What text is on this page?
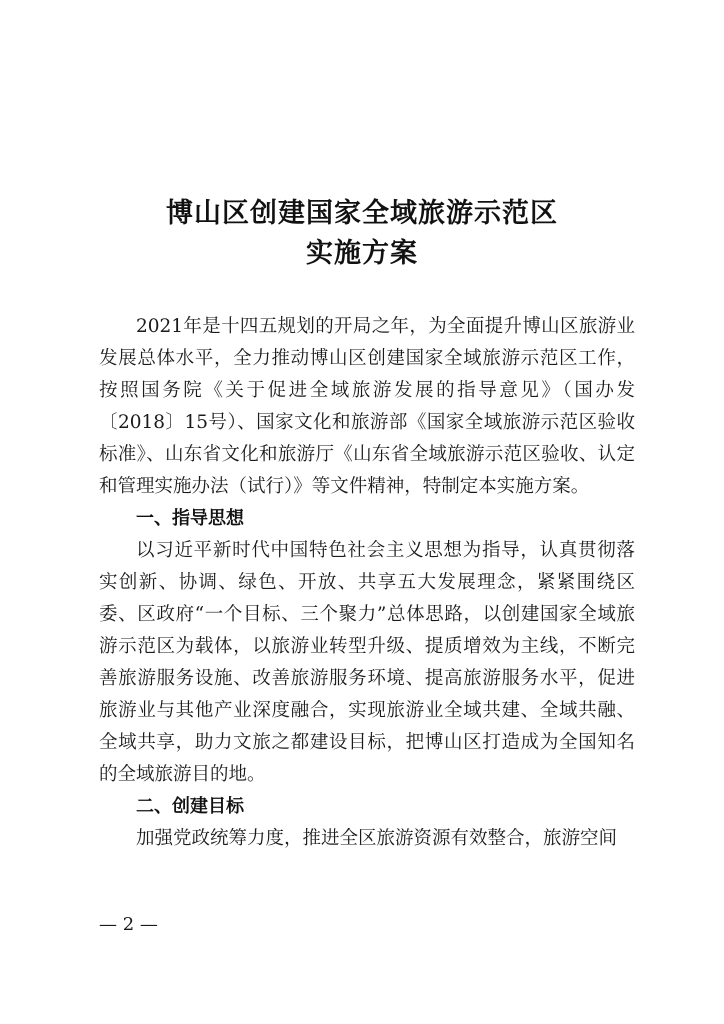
博山区创建国家全域旅游示范区
实施方案

2021年是十四五规划的开局之年，为全面提升博山区旅游业发展总体水平，全力推动博山区创建国家全域旅游示范区工作，按照国务院《关于促进全域旅游发展的指导意见》（国办发〔2018〕15号）、国家文化和旅游部《国家全域旅游示范区验收标准》、山东省文化和旅游厅《山东省全域旅游示范区验收、认定和管理实施办法（试行）》等文件精神，特制定本实施方案。

一、指导思想

以习近平新时代中国特色社会主义思想为指导，认真贯彻落实创新、协调、绿色、开放、共享五大发展理念，紧紧围绕区委、区政府“一个目标、三个聚力”总体思路，以创建国家全域旅游示范区为载体，以旅游业转型升级、提质增效为主线，不断完善旅游服务设施、改善旅游服务环境、提高旅游服务水平，促进旅游业与其他产业深度融合，实现旅游业全域共建、全域共融、全域共享，助力文旅之都建设目标，把博山区打造成为全国知名的全域旅游目的地。

二、创建目标

加强党政统筹力度，推进全区旅游资源有效整合，旅游空间

— 2 —
